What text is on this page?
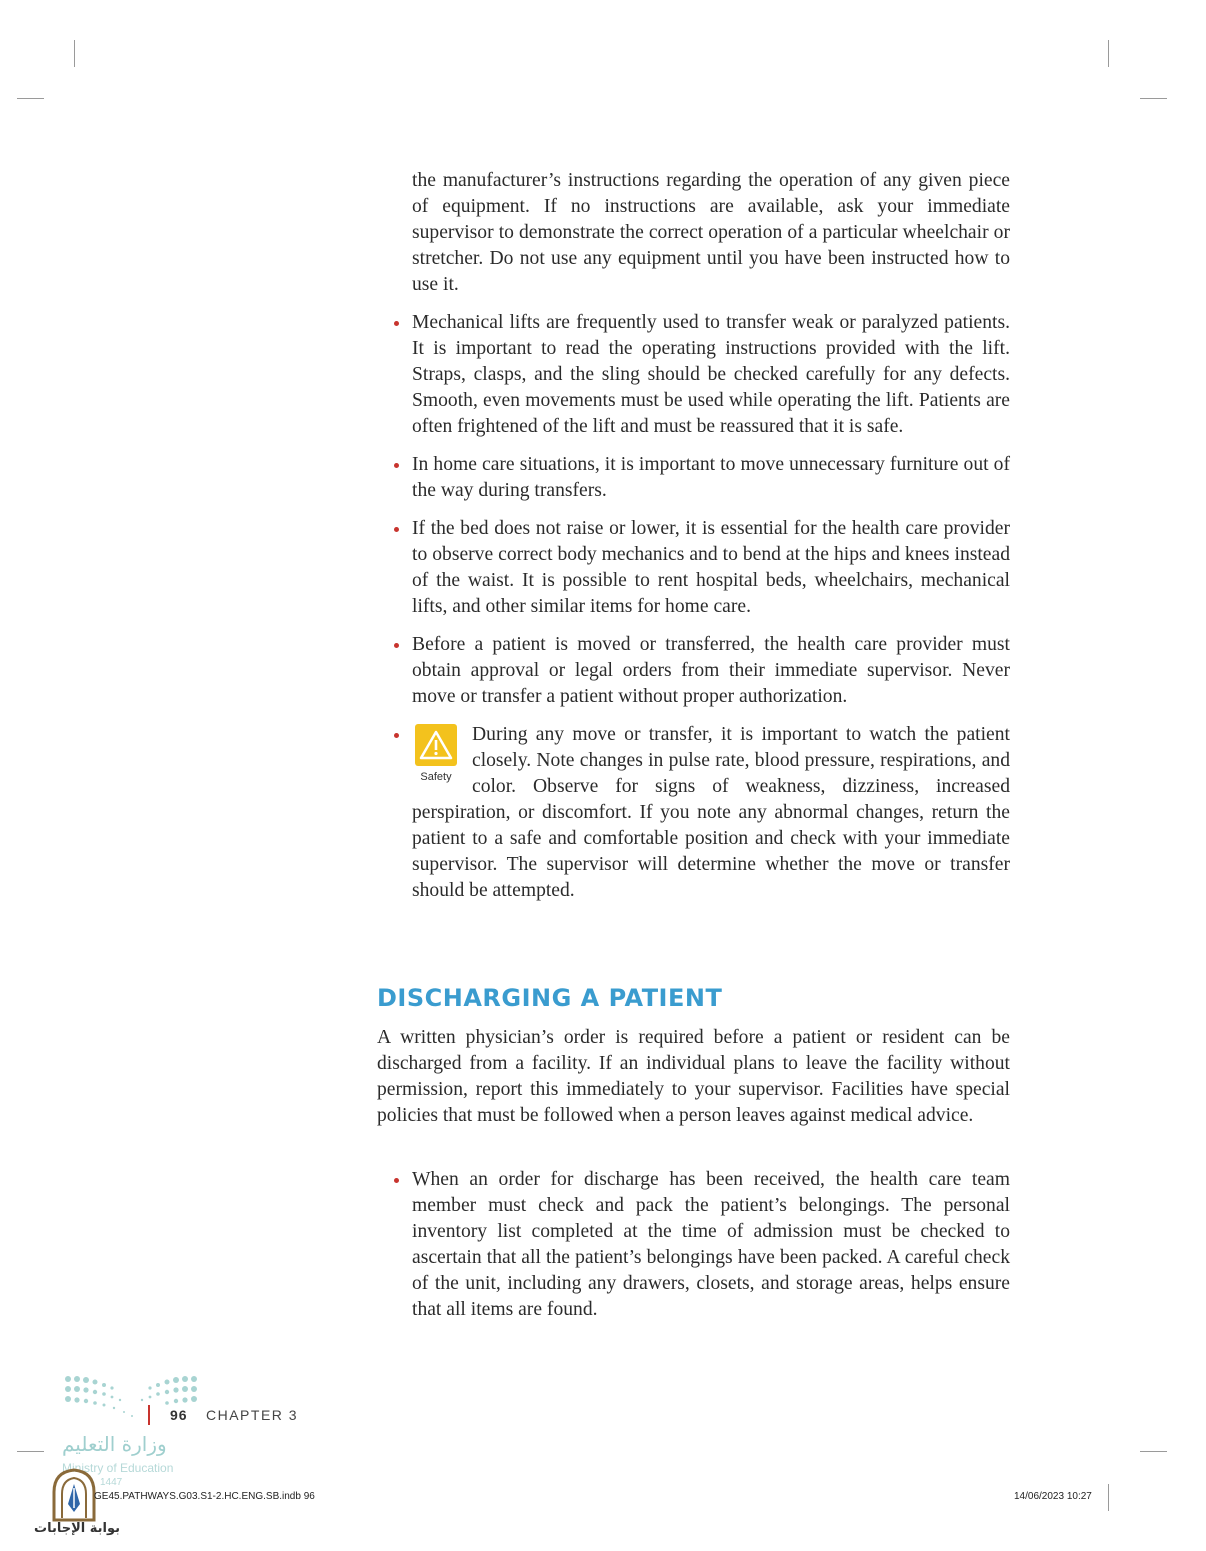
the manufacturer’s instructions regarding the operation of any given piece of equipment. If no instructions are available, ask your immediate supervisor to demonstrate the correct operation of a particular wheelchair or stretcher. Do not use any equipment until you have been instructed how to use it.

Mechanical lifts are frequently used to transfer weak or paralyzed patients. It is important to read the operating instructions provided with the lift. Straps, clasps, and the sling should be checked carefully for any defects. Smooth, even movements must be used while operating the lift. Patients are often frightened of the lift and must be reassured that it is safe.
In home care situations, it is important to move unnecessary furniture out of the way during transfers.
If the bed does not raise or lower, it is essential for the health care provider to observe correct body mechanics and to bend at the hips and knees instead of the waist. It is possible to rent hospital beds, wheelchairs, mechanical lifts, and other similar items for home care.
Before a patient is moved or transferred, the health care provider must obtain approval or legal orders from their immediate supervisor. Never move or transfer a patient without proper authorization.
Safety
During any move or transfer, it is important to watch the patient closely. Note changes in pulse rate, blood pressure, respirations, and color. Observe for signs of weakness, dizziness, increased perspiration, or discomfort. If you note any abnormal changes, return the patient to a safe and comfortable position and check with your immediate supervisor. The supervisor will determine whether the move or transfer should be attempted.
DISCHARGING A PATIENT

A written physician’s order is required before a patient or resident can be discharged from a facility. If an individual plans to leave the facility without permission, report this immediately to your supervisor. Facilities have special policies that must be followed when a person leaves against medical advice.

When an order for discharge has been received, the health care team member must check and pack the patient’s belongings. The personal inventory list completed at the time of admission must be checked to ascertain that all the patient’s belongings have been packed. A careful check of the unit, including any drawers, closets, and storage areas, helps ensure that all items are found.
96 CHAPTER 3
وزارة التعليم
Ministry of Education
1447
GE45.PATHWAYS.G03.S1-2.HC.ENG.SB.indb 96	14/06/2023 10:27
بوابة الإجابات
